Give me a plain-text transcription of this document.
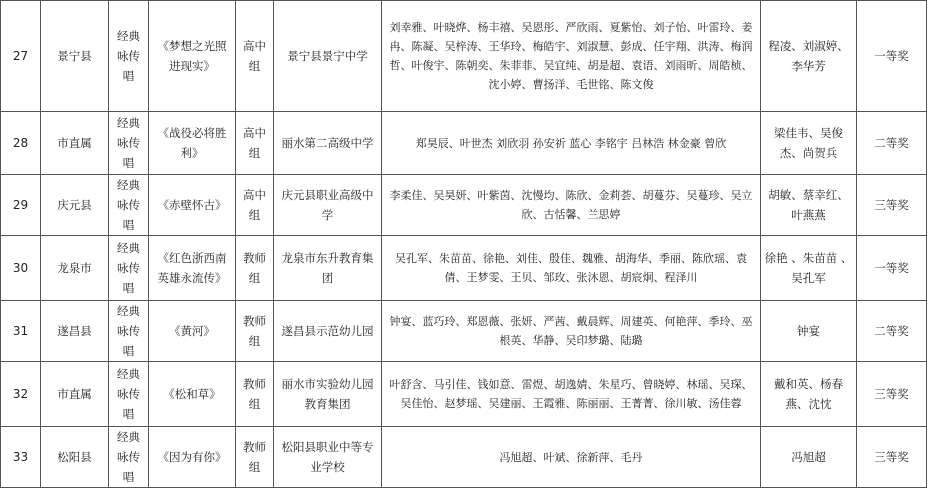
27	景宁县	经典咏传唱	《梦想之光照进现实》	高中组	景宁县景宁中学	刘幸雅、叶晓烨、杨丰禧、吴恩彤、严欣雨、夏紫怡、刘子怡、叶雷玲、姜冉、陈凝、吴梓涛、王华玲、梅皓宇、刘淑慧、彭成、任宇翔、洪涛、梅润哲、叶俊宇、陈朝奕、朱菲菲、吴宜纯、胡是超、袁语、刘雨昕、周皓桢、沈小婷、曹扬洋、毛世铭、陈文俊	程凌、刘淑婷、李华芳	一等奖
28	市直属	经典咏传唱	《战役必将胜利》	高中组	丽水第二高级中学	郑昊辰、叶世杰 刘欣羽 孙安祈 蓝心 李铭宇 吕林浩 林金豪 曾欣	梁佳韦、吴俊杰、尚贺兵	二等奖
29	庆元县	经典咏传唱	《赤壁怀古》	高中组	庆元县职业高级中学	李柔佳、吴昊妍、叶紫茵、沈慢均、陈欣、金莉荟、胡蔓芬、吴蔓珍、吴立欣、古恬馨、兰思婷	胡敏、蔡幸红、叶燕燕	三等奖
30	龙泉市	经典咏传唱	《红色浙西南英雄永流传》	教师组	龙泉市东升教育集团	吴孔军、朱苗苗、徐艳、刘佳、殷佳、魏雅、胡海华、季丽、陈欣瑶、袁倩、王梦雯、王贝、邹玫、张沐恩、胡宸炯、程泽川	徐艳 、朱苗苗 、吴孔军	一等奖
31	遂昌县	经典咏传唱	《黄河》	教师组	遂昌县示范幼儿园	钟宴、蓝巧玲、郑恩薇、张妍、严茜、戴晨辉、周建英、何艳萍、季玲、巫根英、华静、吴印梦璐、陆璐	钟宴	二等奖
32	市直属	经典咏传唱	《松和草》	教师组	丽水市实验幼儿园教育集团	叶舒含、马引佳、钱如意、雷煜、胡逸婧、朱星巧、曾晓婷、林瑶、吴琛、吴佳怡、赵梦瑶、吴建丽、王霞雅、陈丽丽、王菁菁、徐川敏、汤佳蓉	戴和英、杨春燕、沈忱	三等奖
33	松阳县	经典咏传唱	《因为有你》	教师组	松阳县职业中等专业学校	冯旭超、叶斌、徐新萍、毛丹	冯旭超	三等奖
